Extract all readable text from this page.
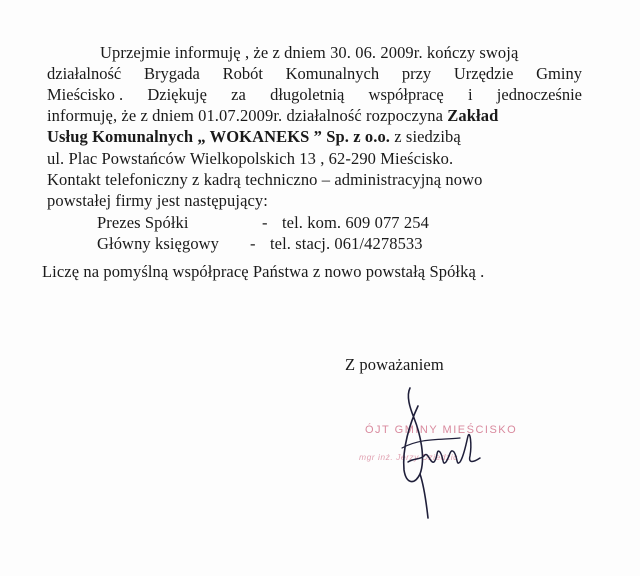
Uprzejmie informuję , że z dniem 30. 06. 2009r. kończy swoją
działalność Brygada Robót Komunalnych przy Urzędzie Gminy
Mieścisko . Dziękuję za długoletnią współpracę i jednocześnie
informuję, że z dniem 01.07.2009r. działalność rozpoczyna Zakład
Usług Komunalnych „ WOKANEKS ” Sp. z o.o. z siedzibą
ul. Plac Powstańców Wielkopolskich 13 , 62-290 Mieścisko.
Kontakt telefoniczny z kadrą techniczno – administracyjną nowo
powstałej firmy jest następujący:
Prezes Spółki	- tel. kom. 609 077 254
Główny księgowy - tel. stacj. 061/4278533
Liczę na pomyślną współpracę Państwa z nowo powstałą Spółką .
Z poważaniem
ÓJT GMINY MIEŚCISKO
mgr inż. Jerzy Dziedzic
